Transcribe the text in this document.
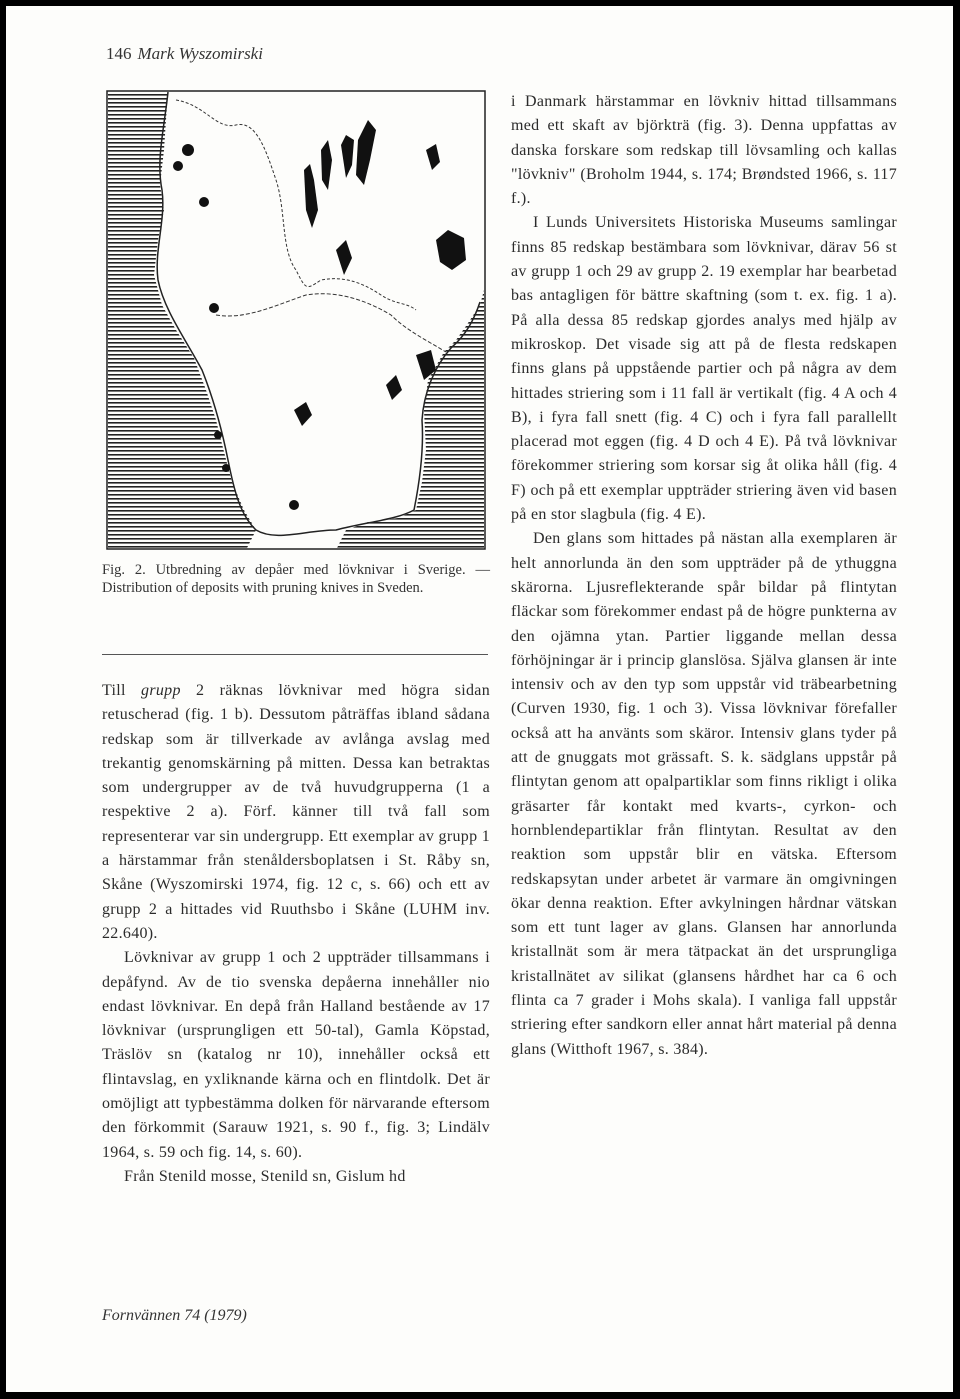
146 Mark Wyszomirski
Fig. 2. Utbredning av depåer med lövknivar i Sverige. — Distribution of deposits with pruning knives in Sveden.

Till grupp 2 räknas lövknivar med högra sidan retuscherad (fig. 1 b). Dessutom påträffas ibland sådana redskap som är tillverkade av avlånga avslag med trekantig genomskärning på mitten. Dessa kan betraktas som undergrupper av de två huvudgrupperna (1 a respektive 2 a). Förf. känner till två fall som representerar var sin undergrupp. Ett exemplar av grupp 1 a härstammar från stenåldersboplatsen i St. Råby sn, Skåne (Wyszomirski 1974, fig. 12 c, s. 66) och ett av grupp 2 a hittades vid Ruuthsbo i Skåne (LUHM inv. 22.640).

Lövknivar av grupp 1 och 2 uppträder tillsammans i depåfynd. Av de tio svenska depåerna innehåller nio endast lövknivar. En depå från Halland bestående av 17 lövknivar (ursprungligen ett 50-tal), Gamla Köpstad, Träslöv sn (katalog nr 10), innehåller också ett flintavslag, en yxliknande kärna och en flintdolk. Det är omöjligt att typbestämma dolken för närvarande eftersom den förkommit (Sarauw 1921, s. 90 f., fig. 3; Lindälv 1964, s. 59 och fig. 14, s. 60).

Från Stenild mosse, Stenild sn, Gislum hd

i Danmark härstammar en lövkniv hittad tillsammans med ett skaft av björkträ (fig. 3). Denna uppfattas av danska forskare som redskap till lövsamling och kallas "lövkniv" (Broholm 1944, s. 174; Brøndsted 1966, s. 117 f.).

I Lunds Universitets Historiska Museums samlingar finns 85 redskap bestämbara som lövknivar, därav 56 st av grupp 1 och 29 av grupp 2. 19 exemplar har bearbetad bas antagligen för bättre skaftning (som t. ex. fig. 1 a). På alla dessa 85 redskap gjordes analys med hjälp av mikroskop. Det visade sig att på de flesta redskapen finns glans på uppstående partier och på några av dem hittades striering som i 11 fall är vertikalt (fig. 4 A och 4 B), i fyra fall snett (fig. 4 C) och i fyra fall parallellt placerad mot eggen (fig. 4 D och 4 E). På två lövknivar förekommer striering som korsar sig åt olika håll (fig. 4 F) och på ett exemplar uppträder striering även vid basen på en stor slagbula (fig. 4 E).

Den glans som hittades på nästan alla exemplaren är helt annorlunda än den som uppträder på de ythuggna skärorna. Ljusreflekterande spår bildar på flintytan fläckar som förekommer endast på de högre punkterna av den ojämna ytan. Partier liggande mellan dessa förhöjningar är i princip glanslösa. Själva glansen är inte intensiv och av den typ som uppstår vid träbearbetning (Curven 1930, fig. 1 och 3). Vissa lövknivar förefaller också att ha använts som skäror. Intensiv glans tyder på att de gnuggats mot grässaft. S. k. sädglans uppstår på flintytan genom att opalpartiklar som finns rikligt i olika gräsarter får kontakt med kvarts-, cyrkon- och hornblendepartiklar från flintytan. Resultat av den reaktion som uppstår blir en vätska. Eftersom redskapsytan under arbetet är varmare än omgivningen ökar denna reaktion. Efter avkylningen hårdnar vätskan som ett tunt lager av glans. Glansen har annorlunda kristallnät som är mera tätpackat än det ursprungliga kristallnätet av silikat (glansens hårdhet har ca 6 och flinta ca 7 grader i Mohs skala). I vanliga fall uppstår striering efter sandkorn eller annat hårt material på denna glans (Witthoft 1967, s. 384).

Fornvännen 74 (1979)
